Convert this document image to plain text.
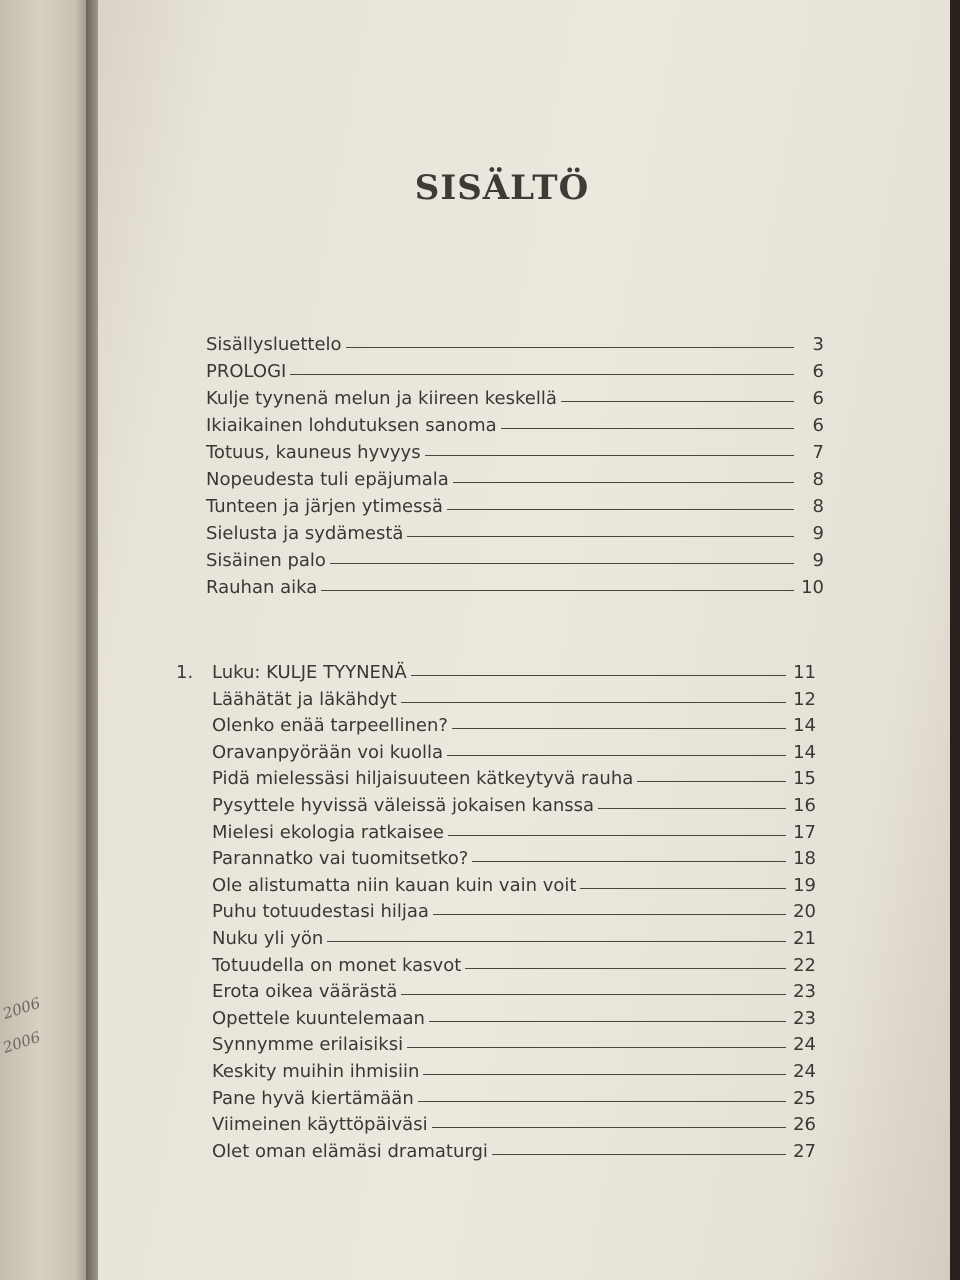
2006
2006
SISÄLTÖ
Sisällysluettelo	3
PROLOGI	6
Kulje tyynenä melun ja kiireen keskellä	6
Ikiaikainen lohdutuksen sanoma	6
Totuus, kauneus hyvyys	7
Nopeudesta tuli epäjumala	8
Tunteen ja järjen ytimessä	8
Sielusta ja sydämestä	9
Sisäinen palo	9
Rauhan aika	10
1. Luku: KULJE TYYNENÄ	11
Läähätät ja läkähdyt	12
Olenko enää tarpeellinen?	14
Oravanpyörään voi kuolla	14
Pidä mielessäsi hiljaisuuteen kätkeytyvä rauha	15
Pysyttele hyvissä väleissä jokaisen kanssa	16
Mielesi ekologia ratkaisee	17
Parannatko vai tuomitsetko?	18
Ole alistumatta niin kauan kuin vain voit	19
Puhu totuudestasi hiljaa	20
Nuku yli yön	21
Totuudella on monet kasvot	22
Erota oikea väärästä	23
Opettele kuuntelemaan	23
Synnymme erilaisiksi	24
Keskity muihin ihmisiin	24
Pane hyvä kiertämään	25
Viimeinen käyttöpäiväsi	26
Olet oman elämäsi dramaturgi	27
